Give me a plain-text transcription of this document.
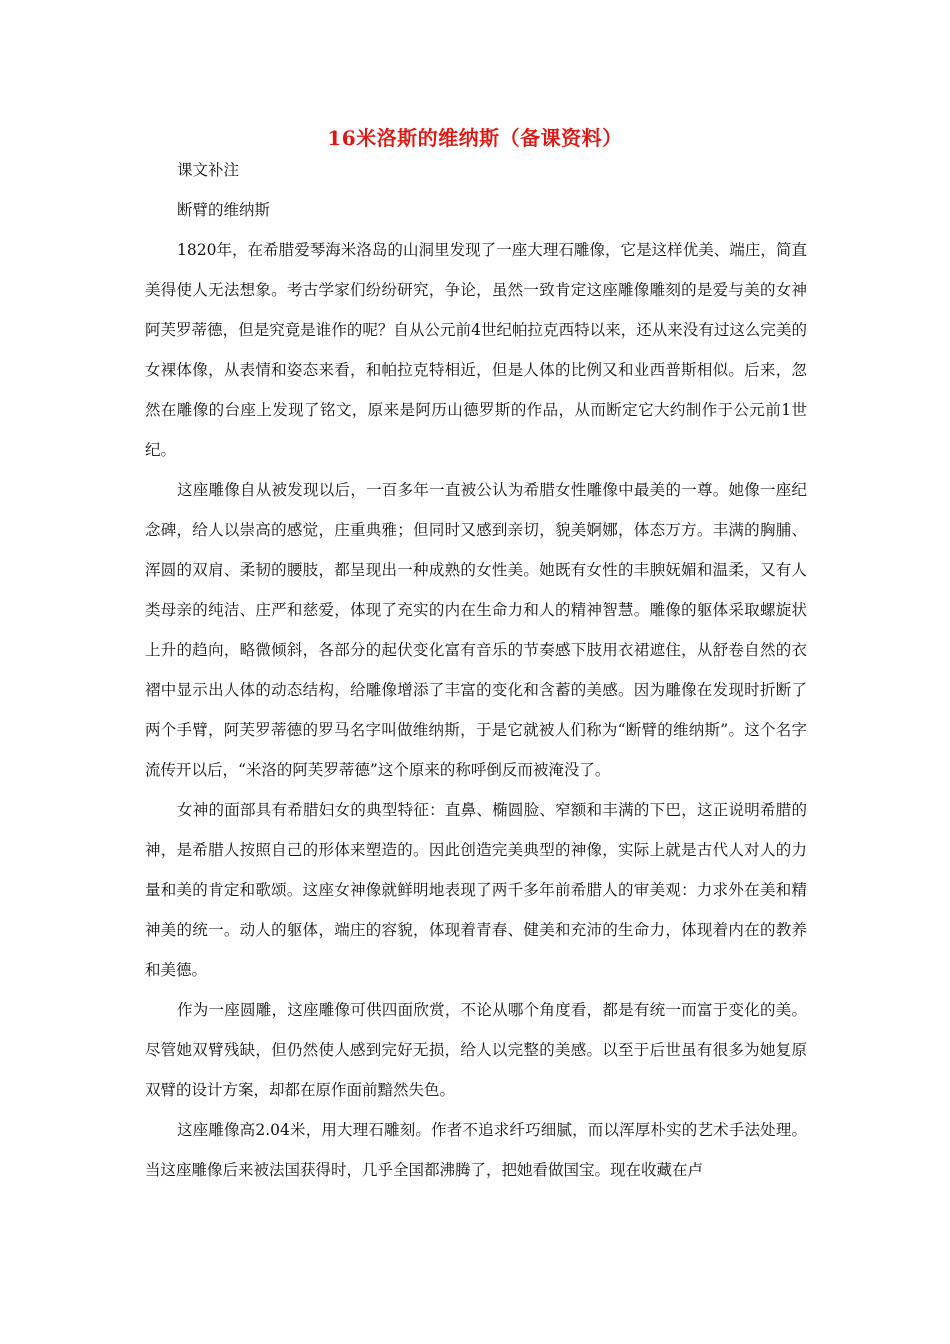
16米洛斯的维纳斯（备课资料）

课文补注

断臂的维纳斯

1820年，在希腊爱琴海米洛岛的山洞里发现了一座大理石雕像，它是这样优美、端庄，简直美得使人无法想象。考古学家们纷纷研究，争论，虽然一致肯定这座雕像雕刻的是爱与美的女神阿芙罗蒂德，但是究竟是谁作的呢？自从公元前4世纪帕拉克西特以来，还从来没有过这么完美的女裸体像，从表情和姿态来看，和帕拉克特相近，但是人体的比例又和业西普斯相似。后来，忽然在雕像的台座上发现了铭文，原来是阿历山德罗斯的作品，从而断定它大约制作于公元前1世纪。

这座雕像自从被发现以后，一百多年一直被公认为希腊女性雕像中最美的一尊。她像一座纪念碑，给人以崇高的感觉，庄重典雅；但同时又感到亲切，貌美婀娜，体态万方。丰满的胸脯、浑圆的双肩、柔韧的腰肢，都呈现出一种成熟的女性美。她既有女性的丰腴妩媚和温柔，又有人类母亲的纯洁、庄严和慈爱，体现了充实的内在生命力和人的精神智慧。雕像的躯体采取螺旋状上升的趋向，略微倾斜，各部分的起伏变化富有音乐的节奏感下肢用衣裙遮住，从舒卷自然的衣褶中显示出人体的动态结构，给雕像增添了丰富的变化和含蓄的美感。因为雕像在发现时折断了两个手臂，阿芙罗蒂德的罗马名字叫做维纳斯，于是它就被人们称为“断臂的维纳斯”。这个名字流传开以后，“米洛的阿芙罗蒂德”这个原来的称呼倒反而被淹没了。

女神的面部具有希腊妇女的典型特征：直鼻、椭圆脸、窄额和丰满的下巴，这正说明希腊的神，是希腊人按照自己的形体来塑造的。因此创造完美典型的神像，实际上就是古代人对人的力量和美的肯定和歌颂。这座女神像就鲜明地表现了两千多年前希腊人的审美观：力求外在美和精神美的统一。动人的躯体，端庄的容貌，体现着青春、健美和充沛的生命力，体现着内在的教养和美德。

作为一座圆雕，这座雕像可供四面欣赏，不论从哪个角度看，都是有统一而富于变化的美。尽管她双臂残缺，但仍然使人感到完好无损，给人以完整的美感。以至于后世虽有很多为她复原双臂的设计方案，却都在原作面前黯然失色。

这座雕像高2.04米，用大理石雕刻。作者不追求纤巧细腻，而以浑厚朴实的艺术手法处理。当这座雕像后来被法国获得时，几乎全国都沸腾了，把她看做国宝。现在收藏在卢
